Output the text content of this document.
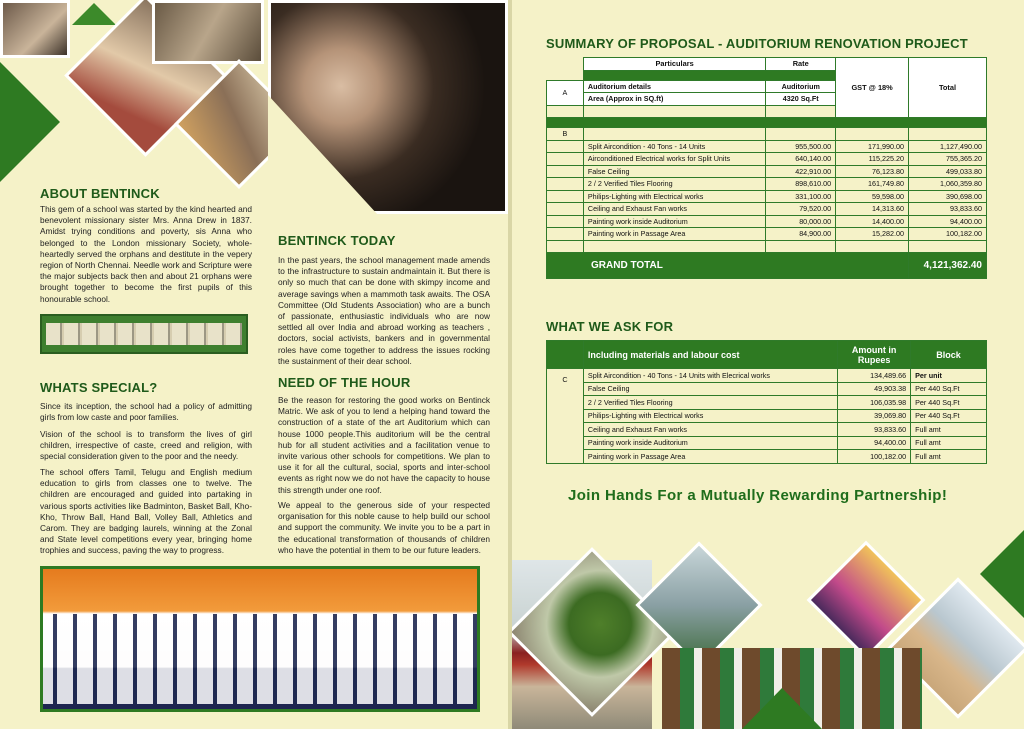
ABOUT BENTINCK

This gem of a school was started by the kind hearted and benevolent missionary sister Mrs. Anna Drew in 1837. Amidst trying conditions and poverty, sis Anna who belonged to the London missionary Society, whole-heartedly served the orphans and destitute in the vepery region of North Chennai. Needle work and Scripture were the major subjects back then and about 21 orphans were brought together to become the first pupils of this honourable school.

WHATS SPECIAL?

Since its inception, the school had a policy of admitting girls from low caste and poor families.

Vision of the school is to transform the lives of girl children, irrespective of caste, creed and religion, with special consideration given to the poor and the needy.

The school offers Tamil, Telugu and English medium education to girls from classes one to twelve. The children are encouraged and guided into partaking in various sports activities like Badminton, Basket Ball, Kho-Kho, Throw Ball, Hand Ball, Volley Ball, Athletics and Carom. They are badging laurels, winning at the Zonal and State level competitions every year, bringing home trophies and success, paving the way to progress.

BENTINCK TODAY

In the past years, the school management made amends to the infrastructure to sustain andmaintain it. But there is only so much that can be done with skimpy income and average savings when a mammoth task awaits. The OSA Committee (Old Students Association) who are a bunch of passionate, enthusiastic individuals who are now settled all over India and abroad working as teachers , doctors, social activists, bankers and in governmental roles have come together to address the issues rocking the sustainment of their dear school.

NEED OF THE HOUR

Be the reason for restoring the good works on Bentinck Matric. We ask of you to lend a helping hand toward the construction of a state of the art Auditorium which can house 1000 people.This auditorium will be the central hub for all student activities and a facilitation venue to invite various other schools for competitions. We plan to use it for all the cultural, social, sports and inter-school events as right now we do not have the capacity to house this strength under one roof.

We appeal to the generous side of your respected organisation for this noble cause to help build our school and support the community. We invite you to be a part in the educational transformation of thousands of children who have the potential in them to be our future leaders.

SUMMARY OF PROPOSAL - AUDITORIUM RENOVATION PROJECT
	Particulars	Rate	GST @ 18%	Total

A	Auditorium details	Auditorium		
	Area (Approx in SQ.ft)	4320 Sq.Ft		

B				
	Split Aircondition - 40 Tons - 14 Units	955,500.00	171,990.00	1,127,490.00
	Airconditioned Electrical works for Split Units	640,140.00	115,225.20	755,365.20
	False Ceiling	422,910.00	76,123.80	499,033.80
	2 / 2 Verified Tiles Flooring	898,610.00	161,749.80	1,060,359.80
	Philips-Lighting with Electrical works	331,100.00	59,598.00	390,698.00
	Ceiling and Exhaust Fan works	79,520.00	14,313.60	93,833.60
	Painting work inside Auditorium	80,000.00	14,400.00	94,400.00
	Painting work in Passage Area	84,900.00	15,282.00	100,182.00

GRAND TOTAL				4,121,362.40
WHAT WE ASK FOR
	Including materials and labour cost	Amount in Rupees	Block
C	Split Aircondition - 40 Tons - 14 Units with Elecrical works	134,489.66	Per unit
	False Ceiling	49,903.38	Per 440 Sq.Ft
	2 / 2 Verified Tiles Flooring	106,035.98	Per 440 Sq.Ft
	Philips-Lighting with Electrical works	39,069.80	Per 440 Sq.Ft
	Ceiling and Exhaust Fan works	93,833.60	Full amt
	Painting work inside Auditorium	94,400.00	Full amt
	Painting work in Passage Area	100,182.00	Full amt
Join Hands For a Mutually Rewarding Partnership!
